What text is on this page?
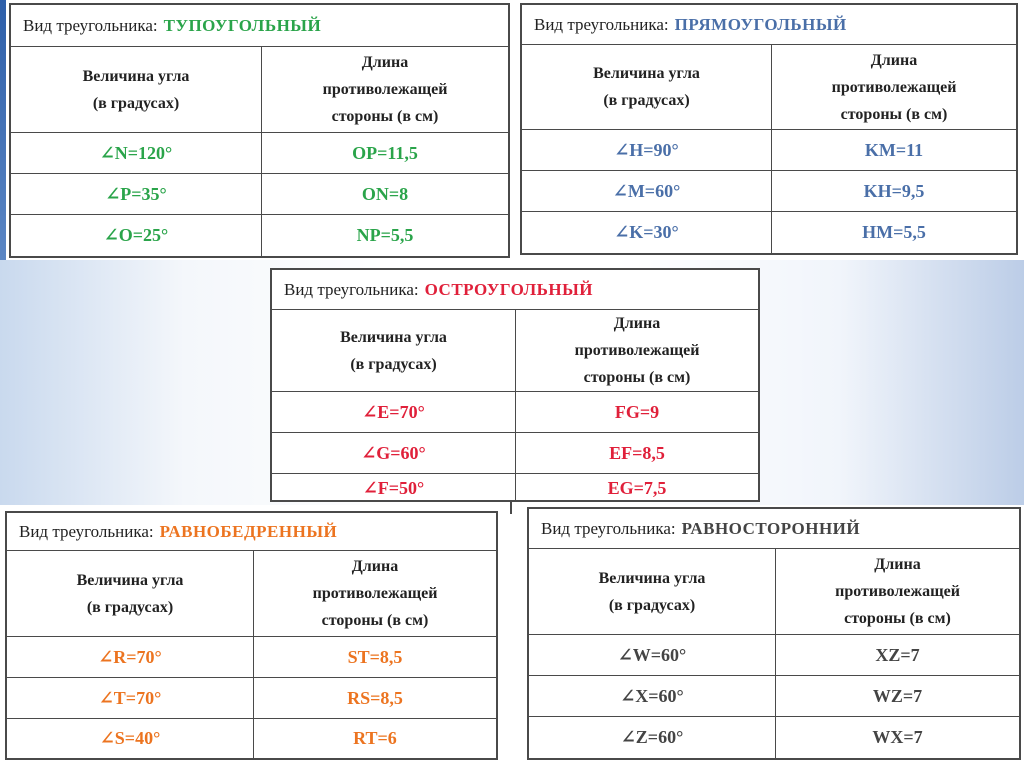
Вид треугольника: ТУПОУГОЛЬНЫЙ
Величина угла
(в градусах)
Длина
противолежащей
стороны (в см)
∠N=120°	OP=11,5
∠P=35°	ON=8
∠O=25°	NP=5,5
Вид треугольника: ПРЯМОУГОЛЬНЫЙ
Величина угла
(в градусах)
Длина
противолежащей
стороны (в см)
∠H=90°	KM=11
∠M=60°	KH=9,5
∠K=30°	HM=5,5
Вид треугольника: ОСТРОУГОЛЬНЫЙ
Величина угла
(в градусах)
Длина
противолежащей
стороны (в см)
∠E=70°	FG=9
∠G=60°	EF=8,5
∠F=50°	EG=7,5
Вид треугольника: РАВНОБЕДРЕННЫЙ
Величина угла
(в градусах)
Длина
противолежащей
стороны (в см)
∠R=70°	ST=8,5
∠T=70°	RS=8,5
∠S=40°	RT=6
Вид треугольника: РАВНОСТОРОННИЙ
Величина угла
(в градусах)
Длина
противолежащей
стороны (в см)
∠W=60°	XZ=7
∠X=60°	WZ=7
∠Z=60°	WX=7
